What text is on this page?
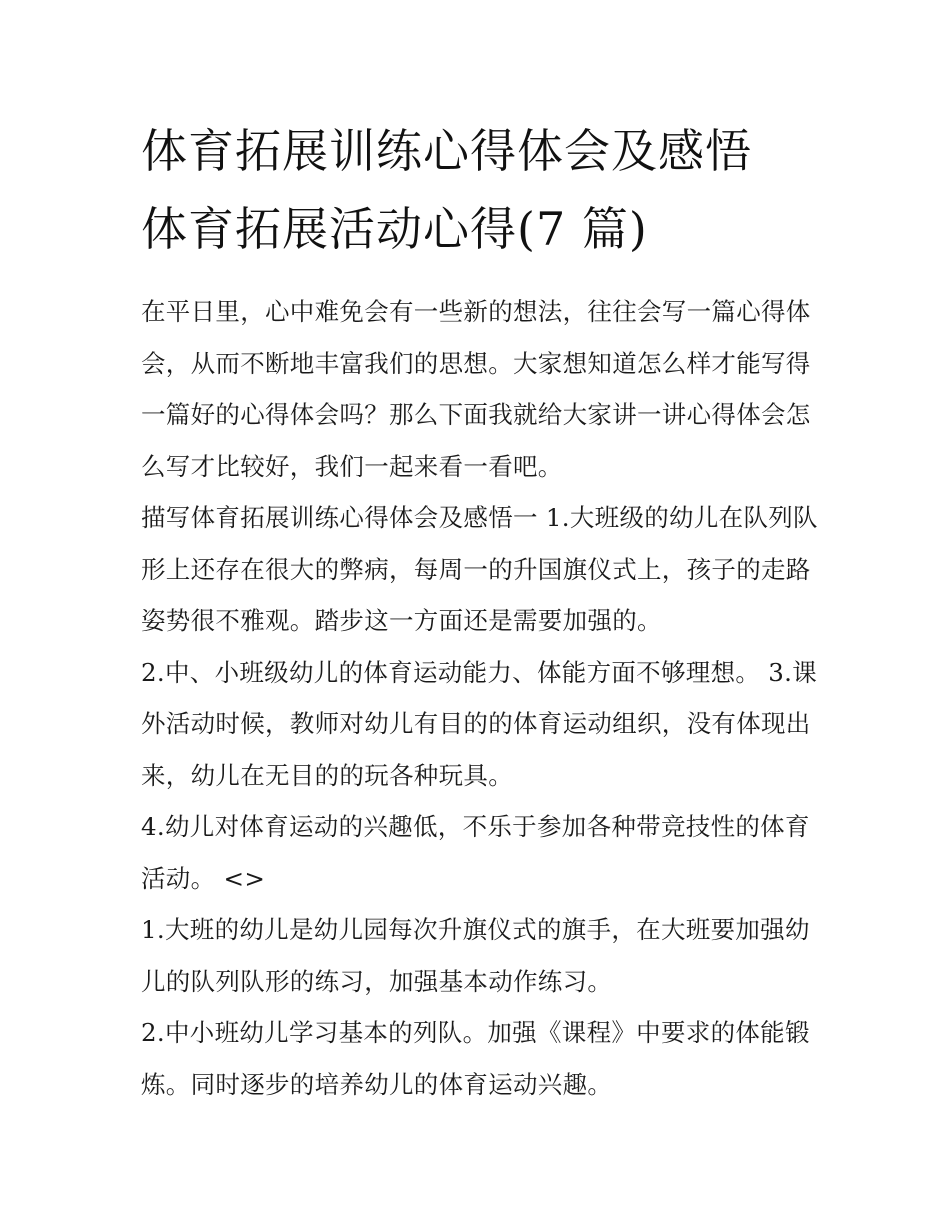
体育拓展训练心得体会及感悟
体育拓展活动心得(7 篇)

在平日里，心中难免会有一些新的想法，往往会写一篇心得体
会，从而不断地丰富我们的思想。大家想知道怎么样才能写得
一篇好的心得体会吗？那么下面我就给大家讲一讲心得体会怎
么写才比较好，我们一起来看一看吧。

描写体育拓展训练心得体会及感悟一 1.大班级的幼儿在队列队
形上还存在很大的弊病，每周一的升国旗仪式上，孩子的走路
姿势很不雅观。踏步这一方面还是需要加强的。

2.中、小班级幼儿的体育运动能力、体能方面不够理想。 3.课
外活动时候，教师对幼儿有目的的体育运动组织，没有体现出
来，幼儿在无目的的玩各种玩具。

4.幼儿对体育运动的兴趣低，不乐于参加各种带竞技性的体育
活动。 <>

1.大班的幼儿是幼儿园每次升旗仪式的旗手，在大班要加强幼
儿的队列队形的练习，加强基本动作练习。

2.中小班幼儿学习基本的列队。加强《课程》中要求的体能锻
炼。同时逐步的培养幼儿的体育运动兴趣。
